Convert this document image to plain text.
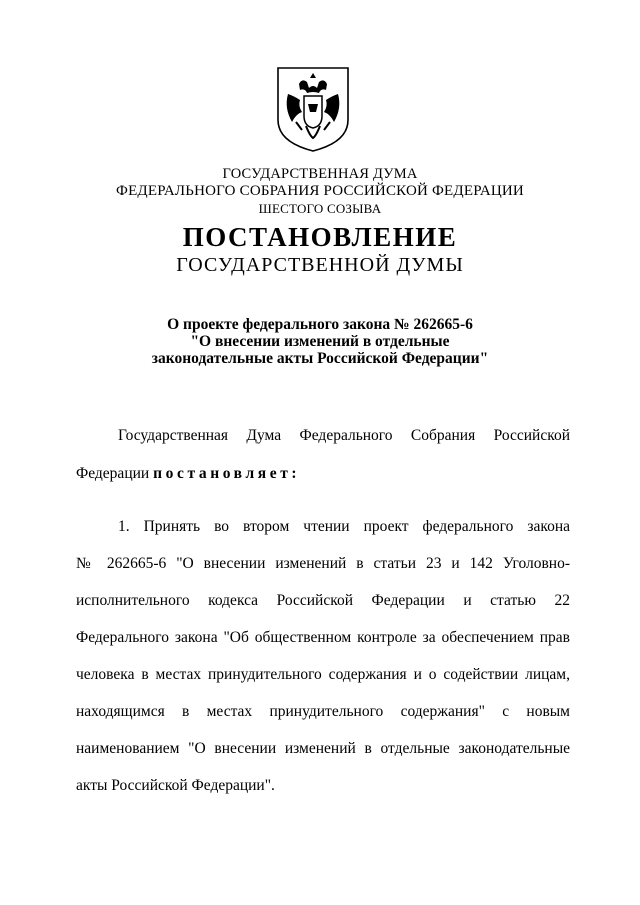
ГОСУДАРСТВЕННАЯ ДУМА
ФЕДЕРАЛЬНОГО СОБРАНИЯ РОССИЙСКОЙ ФЕДЕРАЦИИ
ШЕСТОГО СОЗЫВА
ПОСТАНОВЛЕНИЕ
ГОСУДАРСТВЕННОЙ ДУМЫ
О проекте федерального закона № 262665-6
"О внесении изменений в отдельные
законодательные акты Российской Федерации"
Государственная Дума Федерального Собрания Российской
Федерации постановляет:
1. Принять во втором чтении проект федерального закона
№ 262665-6 "О внесении изменений в статьи 23 и 142 Уголовно-
исполнительного кодекса Российской Федерации и статью 22
Федерального закона "Об общественном контроле за обеспечением прав
человека в местах принудительного содержания и о содействии лицам,
находящимся в местах принудительного содержания" с новым
наименованием "О внесении изменений в отдельные законодательные
акты Российской Федерации".
